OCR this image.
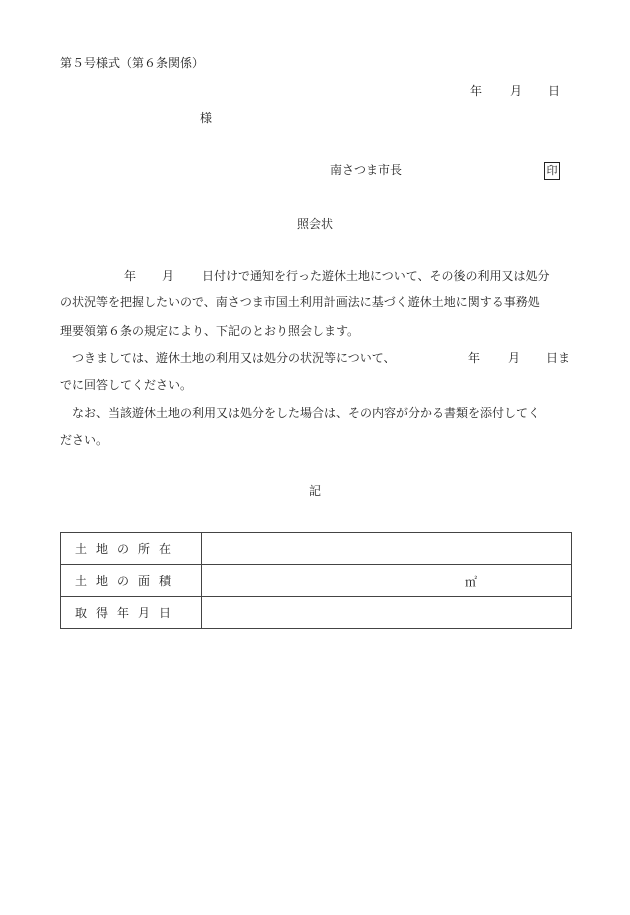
第５号様式（第６条関係）
年 月 日
様
南さつま市長	印
照会状
年 月 日付けで通知を行った遊休土地について、その後の利用又は処分
の状況等を把握したいので、南さつま市国土利用計画法に基づく遊休土地に関する事務処
理要領第６条の規定により、下記のとおり照会します。
つきましては、遊休土地の利用又は処分の状況等について、	年 月 日ま
でに回答してください。
なお、当該遊休土地の利用又は処分をした場合は、その内容が分かる書類を添付してく
ださい。
記
土地の所在	
土地の面積	㎡

取得年月日	
